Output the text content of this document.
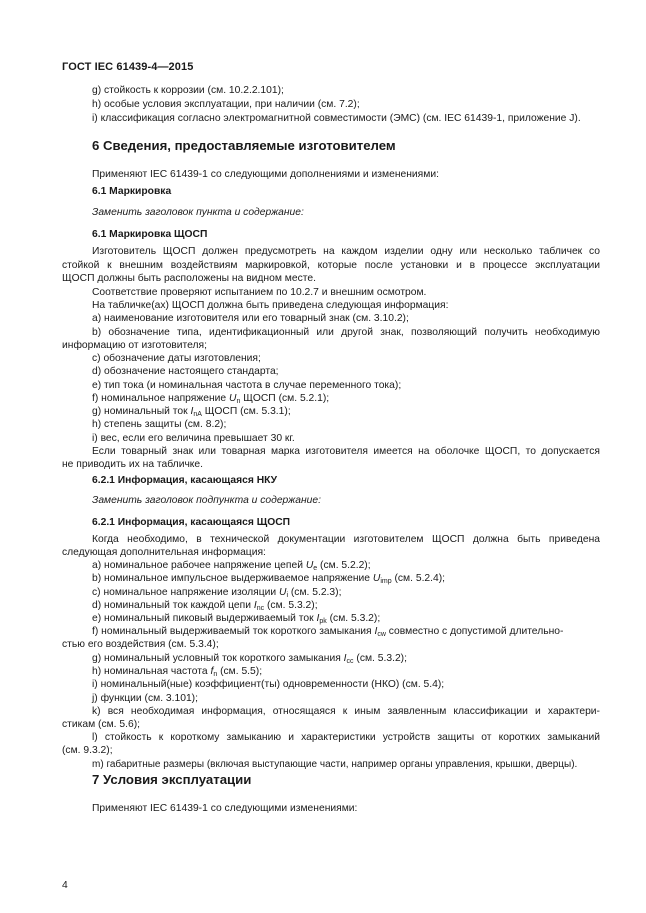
ГОСТ IEC 61439-4—2015
g) стойкость к коррозии (см. 10.2.2.101);
h) особые условия эксплуатации, при наличии (см. 7.2);
i) классификация согласно электромагнитной совместимости (ЭМС) (см. IEC 61439-1, приложение J).
6 Сведения, предоставляемые изготовителем
Применяют IEC 61439-1 со следующими дополнениями и изменениями:
6.1 Маркировка
Заменить заголовок пункта и содержание:
6.1 Маркировка ЩОСП
Изготовитель ЩОСП должен предусмотреть на каждом изделии одну или несколько табличек со
стойкой к внешним воздействиям маркировкой, которые после установки и в процессе эксплуатации
ЩОСП должны быть расположены на видном месте.
Соответствие проверяют испытанием по 10.2.7 и внешним осмотром.
На табличке(ах) ЩОСП должна быть приведена следующая информация:
a) наименование изготовителя или его товарный знак (см. 3.10.2);
b) обозначение типа, идентификационный или другой знак, позволяющий получить необходимую
информацию от изготовителя;
c) обозначение даты изготовления;
d) обозначение настоящего стандарта;
e) тип тока (и номинальная частота в случае переменного тока);
f) номинальное напряжение $U_n$ ЩОСП (см. 5.2.1);
g) номинальный ток $I_{nA}$ ЩОСП (см. 5.3.1);
h) степень защиты (см. 8.2);
i) вес, если его величина превышает 30 кг.
Если товарный знак или товарная марка изготовителя имеется на оболочке ЩОСП, то допускается
не приводить их на табличке.
6.2.1 Информация, касающаяся НКУ
Заменить заголовок подпункта и содержание:
6.2.1 Информация, касающаяся ЩОСП
Когда необходимо, в технической документации изготовителем ЩОСП должна быть приведена
следующая дополнительная информация:
a) номинальное рабочее напряжение цепей $U_e$ (см. 5.2.2);
b) номинальное импульсное выдерживаемое напряжение $U_{imp}$ (см. 5.2.4);
c) номинальное напряжение изоляции $U_i$ (см. 5.2.3);
d) номинальный ток каждой цепи $I_{nc}$ (см. 5.3.2);
e) номинальный пиковый выдерживаемый ток $I_{pk}$ (см. 5.3.2);
f) номинальный выдерживаемый ток короткого замыкания $I_{cw}$ совместно с допустимой длительно-
стью его воздействия (см. 5.3.4);
g) номинальный условный ток короткого замыкания $I_{cc}$ (см. 5.3.2);
h) номинальная частота $f_n$ (см. 5.5);
i) номинальный(ные) коэффициент(ты) одновременности (НКО) (см. 5.4);
j) функции (см. 3.101);
k) вся необходимая информация, относящаяся к иным заявленным классификации и характери-
стикам (см. 5.6);
l) стойкость к короткому замыканию и характеристики устройств защиты от коротких замыканий
(см. 9.3.2);
m) габаритные размеры (включая выступающие части, например органы управления, крышки, дверцы).
7 Условия эксплуатации
Применяют IEC 61439-1 со следующими изменениями:
4
